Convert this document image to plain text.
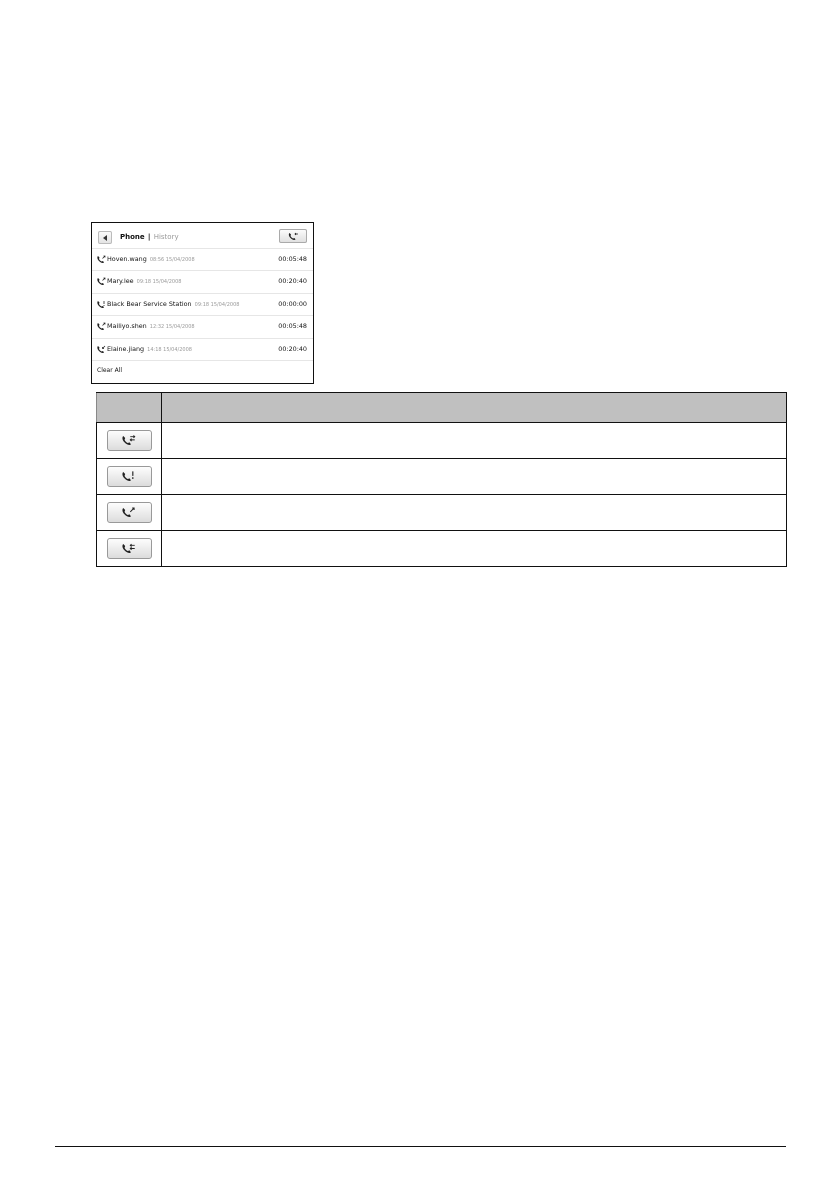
Phone | History
Hoven.wang 08:56 15/04/2008	00:05:48
Mary.lee 09:18 15/04/2008	00:20:40
Black Bear Service Station 09:18 15/04/2008	00:00:00
Mailiyo.shen 12:32 15/04/2008	00:05:48
Elaine.jiang 14:18 15/04/2008	00:20:40
Clear All
